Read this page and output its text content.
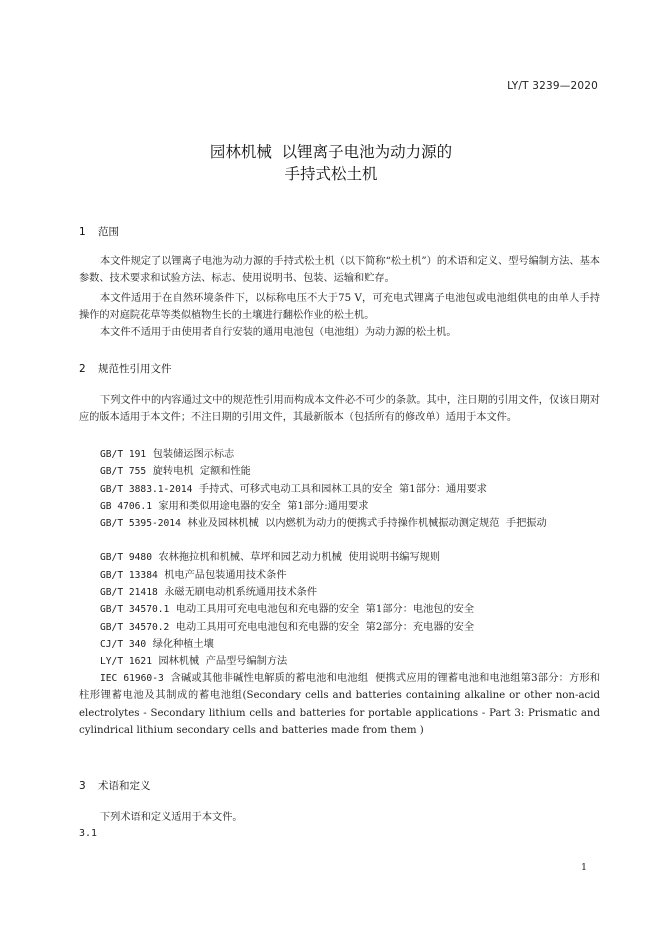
LY/T 3239—2020
园林机械  以锂离子电池为动力源的
手持式松土机
1 范围
本文件规定了以锂离子电池为动力源的手持式松土机（以下简称“松土机”）的术语和定义、型号编制方法、基本参数、技术要求和试验方法、标志、使用说明书、包装、运输和贮存。
本文件适用于在自然环境条件下，以标称电压不大于75 V，可充电式锂离子电池包或电池组供电的由单人手持操作的对庭院花草等类似植物生长的土壤进行翻松作业的松土机。
本文件不适用于由使用者自行安装的通用电池包（电池组）为动力源的松土机。
2 规范性引用文件
下列文件中的内容通过文中的规范性引用而构成本文件必不可少的条款。其中，注日期的引用文件，仅该日期对应的版本适用于本文件；不注日期的引用文件，其最新版本（包括所有的修改单）适用于本文件。
GB/T 191 包装储运图示标志
GB/T 755 旋转电机  定额和性能
GB/T 3883.1-2014 手持式、可移式电动工具和园林工具的安全  第1部分：通用要求
GB 4706.1 家用和类似用途电器的安全  第1部分:通用要求
GB/T 5395-2014 林业及园林机械  以内燃机为动力的便携式手持操作机械振动测定规范  手把振动
GB/T 9480 农林拖拉机和机械、草坪和园艺动力机械  使用说明书编写规则
GB/T 13384 机电产品包装通用技术条件
GB/T 21418 永磁无刷电动机系统通用技术条件
GB/T 34570.1 电动工具用可充电电池包和充电器的安全  第1部分：电池包的安全
GB/T 34570.2 电动工具用可充电电池包和充电器的安全  第2部分：充电器的安全
CJ/T 340 绿化种植土壤
LY/T 1621 园林机械  产品型号编制方法
IEC 61960-3 含碱或其他非碱性电解质的蓄电池和电池组  便携式应用的锂蓄电池和电池组第3部分：方形和柱形锂蓄电池及其制成的蓄电池组(Secondary cells and batteries containing alkaline or other non-acid electrolytes - Secondary lithium cells and batteries for portable applications - Part 3: Prismatic and cylindrical lithium secondary cells and batteries made from them )
3 术语和定义
下列术语和定义适用于本文件。
3.1
1
